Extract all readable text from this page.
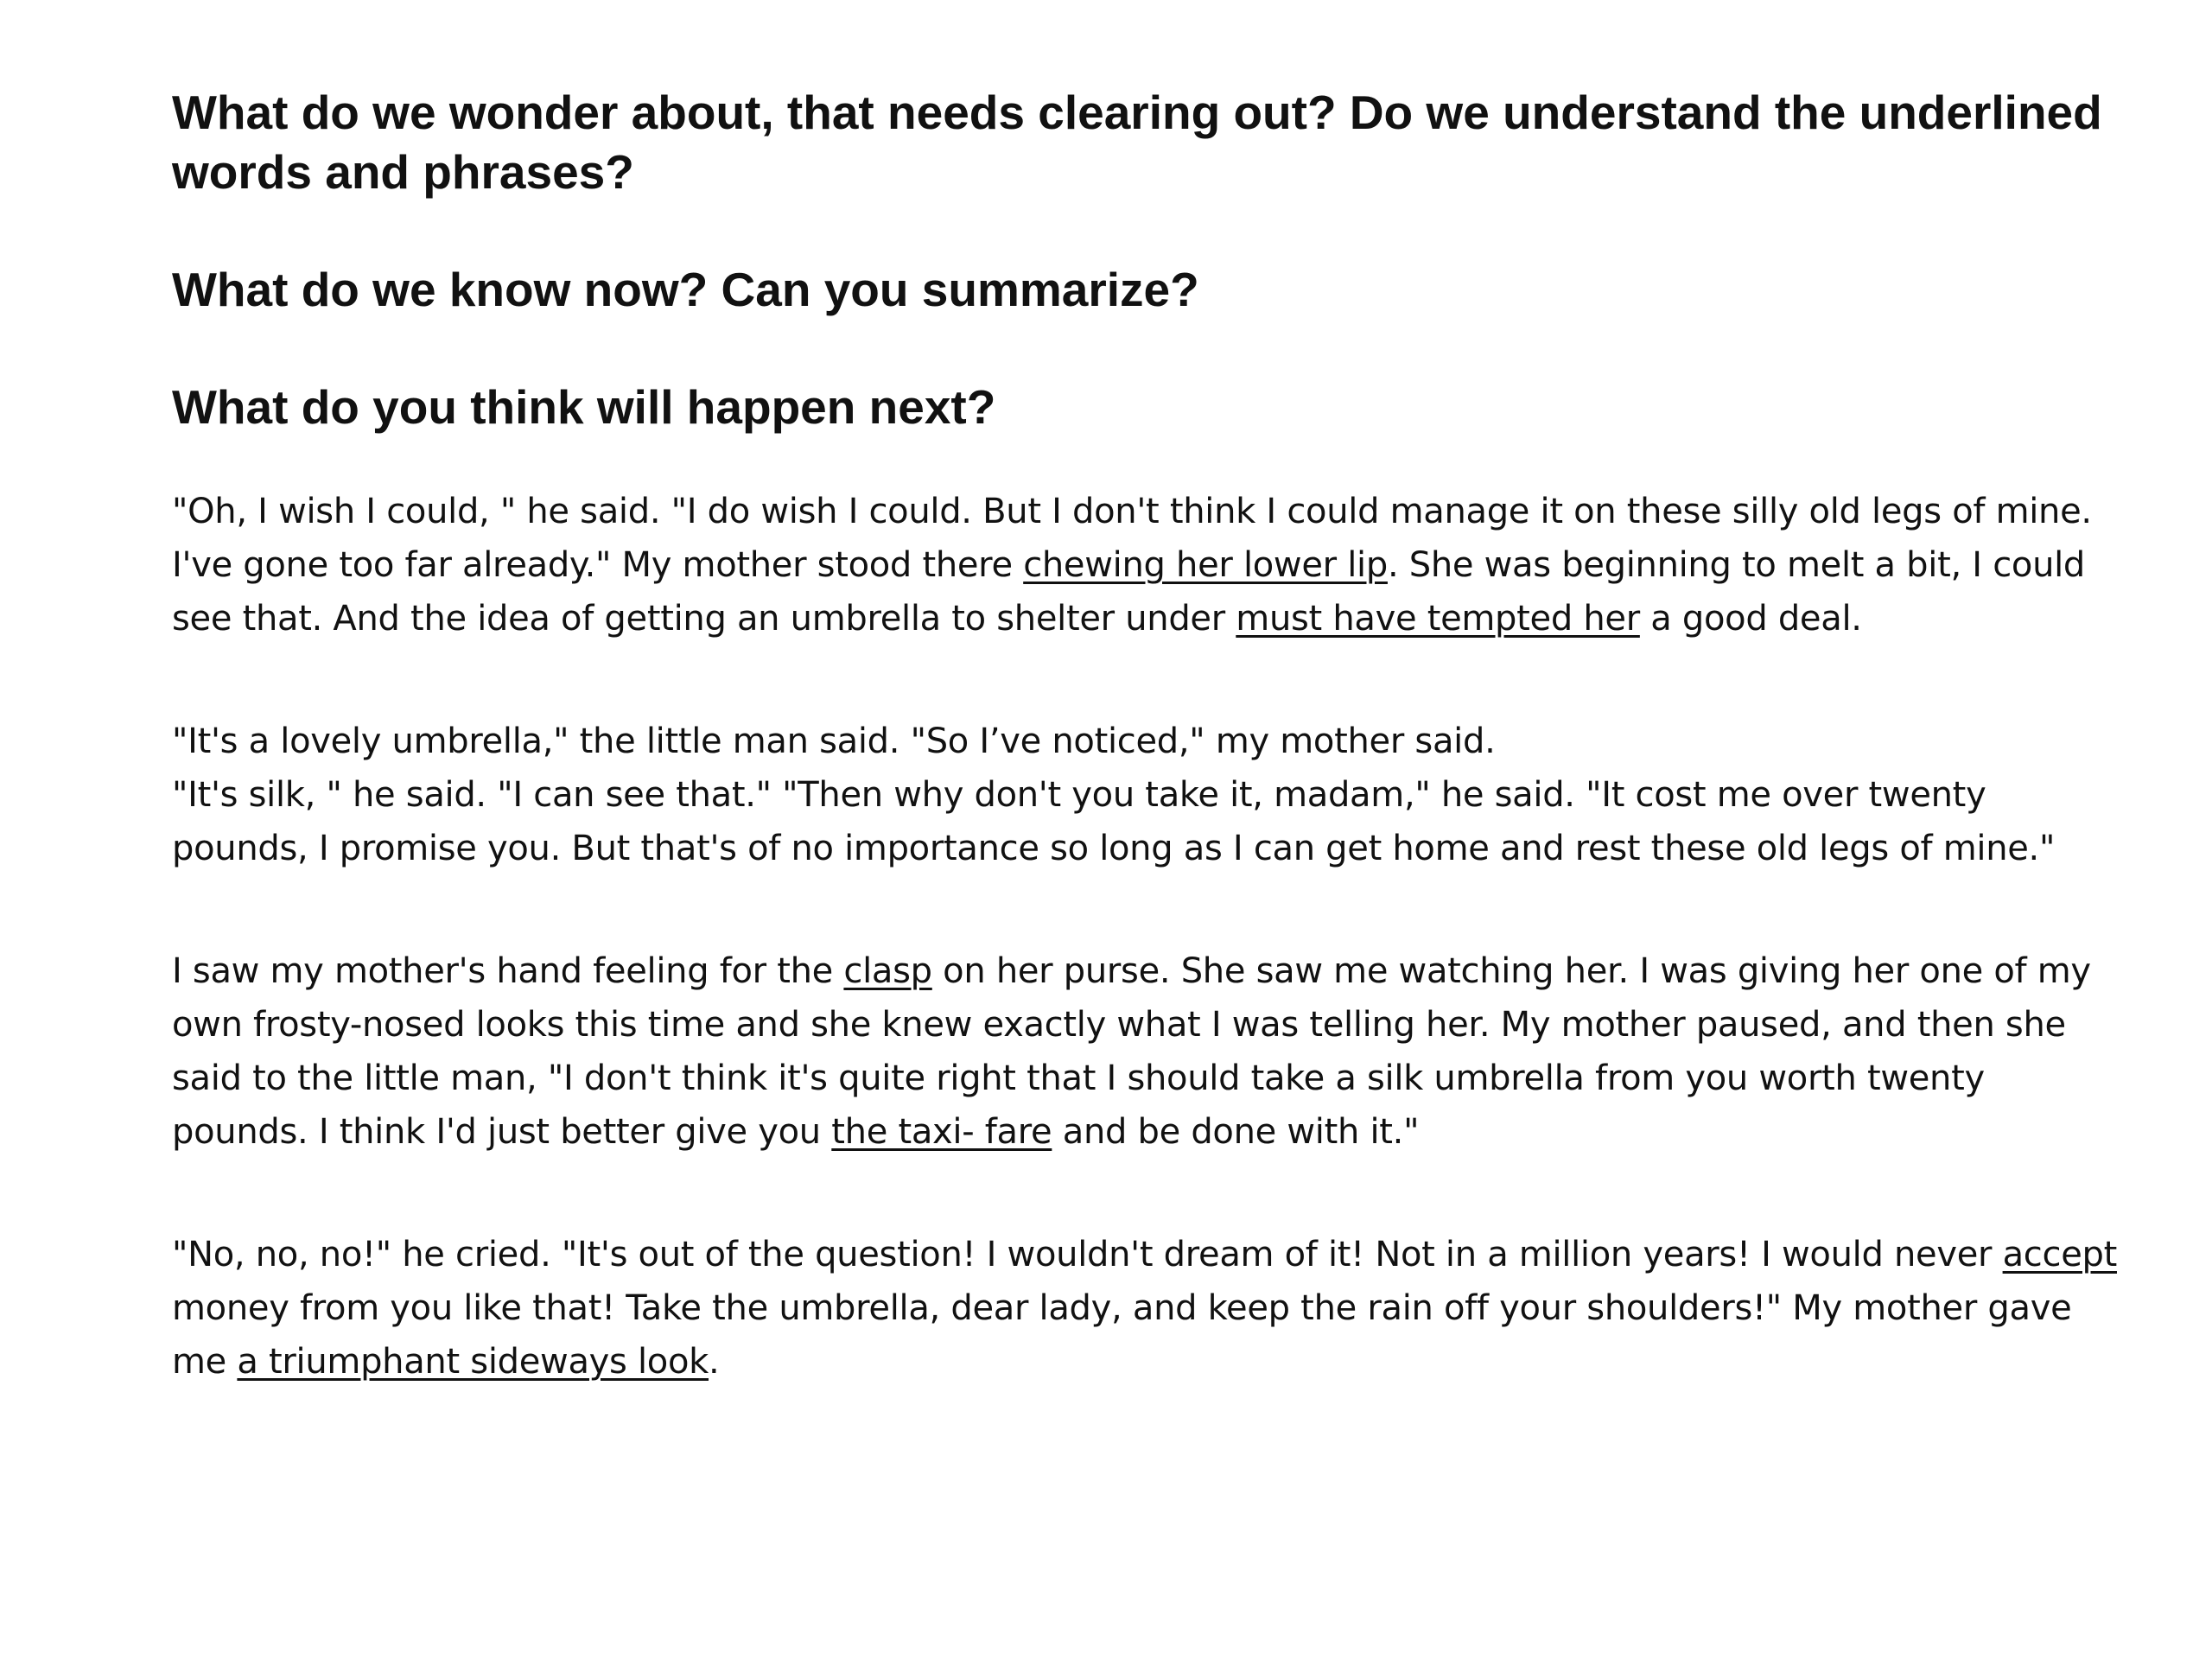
What do we wonder about, that needs clearing out? Do we understand the underlined words and phrases?
What do we know now? Can you summarize?
What do you think will happen next?

"Oh, I wish I could, " he said. "I do wish I could. But I don't think I could manage it on these silly old legs of mine. I've gone too far already." My mother stood there chewing her lower lip. She was beginning to melt a bit, I could see that. And the idea of getting an umbrella to shelter under must have tempted her a good deal.

"It's a lovely umbrella," the little man said. "So I’ve noticed," my mother said.
"It's silk, " he said. "I can see that." "Then why don't you take it, madam," he said. "It cost me over twenty pounds, I promise you. But that's of no importance so long as I can get home and rest these old legs of mine."

I saw my mother's hand feeling for the clasp on her purse. She saw me watching her. I was giving her one of my own frosty-nosed looks this time and she knew exactly what I was telling her. My mother paused, and then she said to the little man, "I don't think it's quite right that I should take a silk umbrella from you worth twenty pounds. I think I'd just better give you the taxi- fare and be done with it."

"No, no, no!" he cried. "It's out of the question! I wouldn't dream of it! Not in a million years! I would never accept money from you like that! Take the umbrella, dear lady, and keep the rain off your shoulders!" My mother gave me a triumphant sideways look.
